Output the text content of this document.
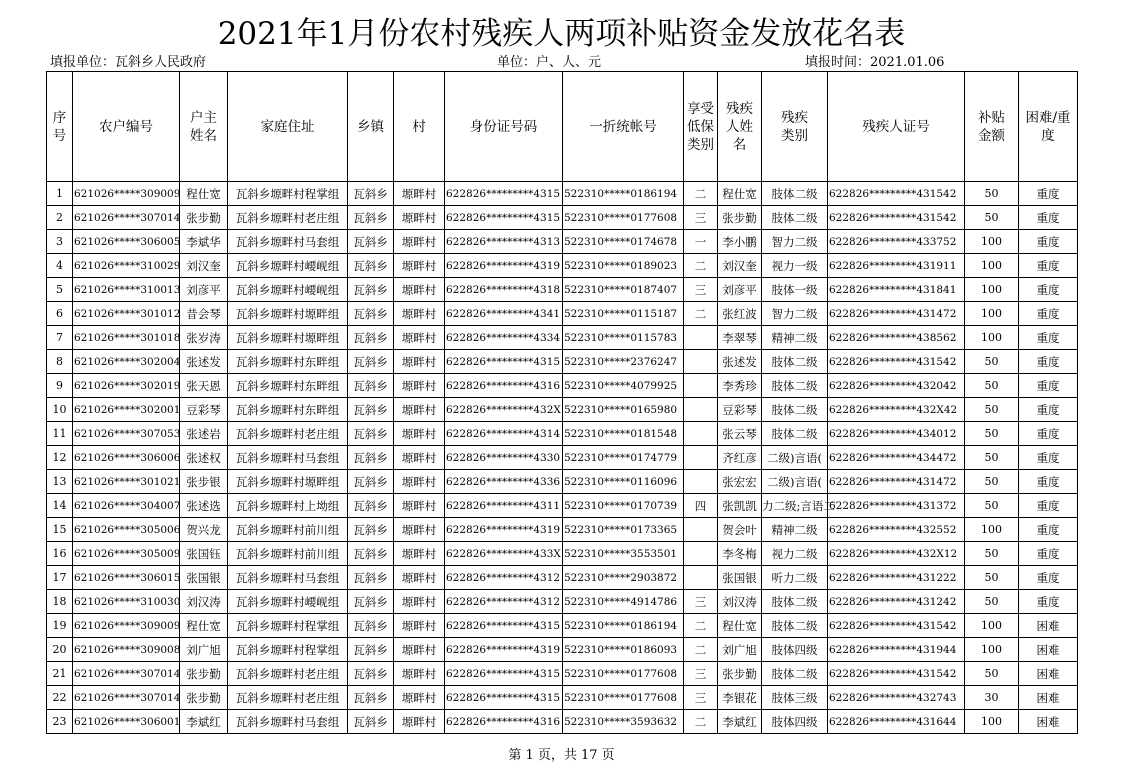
2021年1月份农村残疾人两项补贴资金发放花名表
填报单位：瓦斜乡人民政府	单位：户、人、元	填报时间：2021.01.06
序号	农户编号	户主姓名	家庭住址	乡镇	村	身份证号码	一折统帐号	享受低保类别	残疾人姓名	残疾类别	残疾人证号	补贴金额	困难/重度
1	621026*****309009	程仕宽	瓦斜乡塬畔村程掌组	瓦斜乡	塬畔村	622826*********4315	522310*****0186194	二	程仕宽	肢体二级	622826*********431542	50	重度
2	621026*****307014	张步勤	瓦斜乡塬畔村老庄组	瓦斜乡	塬畔村	622826*********4315	522310*****0177608	三	张步勤	肢体二级	622826*********431542	50	重度
3	621026*****306005	李斌华	瓦斜乡塬畔村马套组	瓦斜乡	塬畔村	622826*********4313	522310*****0174678	一	李小鹏	智力二级	622826*********433752	100	重度
4	621026*****310029	刘汉奎	瓦斜乡塬畔村崾岘组	瓦斜乡	塬畔村	622826*********4319	522310*****0189023	二	刘汉奎	视力一级	622826*********431911	100	重度
5	621026*****310013	刘彦平	瓦斜乡塬畔村崾岘组	瓦斜乡	塬畔村	622826*********4318	522310*****0187407	三	刘彦平	肢体一级	622826*********431841	100	重度
6	621026*****301012	昔会琴	瓦斜乡塬畔村塬畔组	瓦斜乡	塬畔村	622826*********4341	522310*****0115187	二	张红波	智力二级	622826*********431472	100	重度
7	621026*****301018	张岁涛	瓦斜乡塬畔村塬畔组	瓦斜乡	塬畔村	622826*********4334	522310*****0115783		李翠琴	精神二级	622826*********438562	100	重度
8	621026*****302004	张述发	瓦斜乡塬畔村东畔组	瓦斜乡	塬畔村	622826*********4315	522310*****2376247		张述发	肢体二级	622826*********431542	50	重度
9	621026*****302019	张天恩	瓦斜乡塬畔村东畔组	瓦斜乡	塬畔村	622826*********4316	522310*****4079925		李秀珍	肢体二级	622826*********432042	50	重度
10	621026*****302001	豆彩琴	瓦斜乡塬畔村东畔组	瓦斜乡	塬畔村	622826*********432X	522310*****0165980		豆彩琴	肢体二级	622826*********432X42	50	重度
11	621026*****307053	张述岩	瓦斜乡塬畔村老庄组	瓦斜乡	塬畔村	622826*********4314	522310*****0181548		张云琴	肢体二级	622826*********434012	50	重度
12	621026*****306006	张述权	瓦斜乡塬畔村马套组	瓦斜乡	塬畔村	622826*********4330	522310*****0174779		齐红彦	二级)言语(	622826*********434472	50	重度
13	621026*****301021	张步银	瓦斜乡塬畔村塬畔组	瓦斜乡	塬畔村	622826*********4336	522310*****0116096		张宏宏	二级)言语(	622826*********431472	50	重度
14	621026*****304007	张述选	瓦斜乡塬畔村上坳组	瓦斜乡	塬畔村	622826*********4311	522310*****0170739	四	张凯凯	力二级;言语二	622826*********431372	50	重度
15	621026*****305006	贺兴龙	瓦斜乡塬畔村前川组	瓦斜乡	塬畔村	622826*********4319	522310*****0173365		贺会叶	精神二级	622826*********432552	100	重度
16	621026*****305009	张国钰	瓦斜乡塬畔村前川组	瓦斜乡	塬畔村	622826*********433X	522310*****3553501		李冬梅	视力二级	622826*********432X12	50	重度
17	621026*****306015	张国银	瓦斜乡塬畔村马套组	瓦斜乡	塬畔村	622826*********4312	522310*****2903872		张国银	听力二级	622826*********431222	50	重度
18	621026*****310030	刘汉涛	瓦斜乡塬畔村崾岘组	瓦斜乡	塬畔村	622826*********4312	522310*****4914786	三	刘汉涛	肢体二级	622826*********431242	50	重度
19	621026*****309009	程仕宽	瓦斜乡塬畔村程掌组	瓦斜乡	塬畔村	622826*********4315	522310*****0186194	二	程仕宽	肢体二级	622826*********431542	100	困难
20	621026*****309008	刘广旭	瓦斜乡塬畔村程掌组	瓦斜乡	塬畔村	622826*********4319	522310*****0186093	二	刘广旭	肢体四级	622826*********431944	100	困难
21	621026*****307014	张步勤	瓦斜乡塬畔村老庄组	瓦斜乡	塬畔村	622826*********4315	522310*****0177608	三	张步勤	肢体二级	622826*********431542	50	困难
22	621026*****307014	张步勤	瓦斜乡塬畔村老庄组	瓦斜乡	塬畔村	622826*********4315	522310*****0177608	三	李银花	肢体三级	622826*********432743	30	困难
23	621026*****306001	李斌红	瓦斜乡塬畔村马套组	瓦斜乡	塬畔村	622826*********4316	522310*****3593632	二	李斌红	肢体四级	622826*********431644	100	困难
第 1 页，共 17 页
